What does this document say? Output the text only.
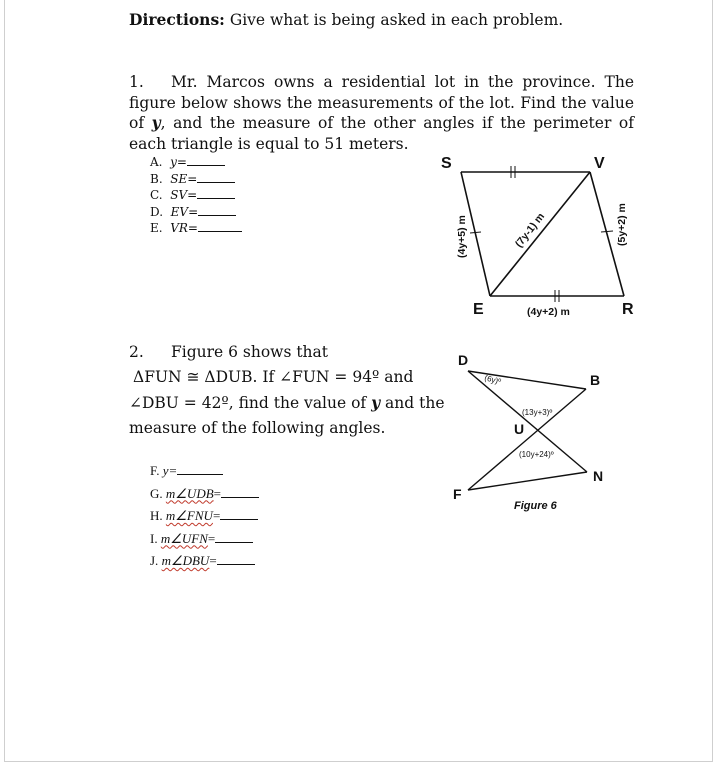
Directions: Give what is being asked in each problem.
1. Mr. Marcos owns a residential lot in the province. The figure below shows the measurements of the lot. Find the value of y, and the measure of the other angles if the perimeter of each triangle is equal to 51 meters.
A. y=
B. SE=
C. SV=
D. EV=
E. VR=
S	V
E	R
(4y+2) m
(4y+5) m	(7y-1) m	(5y+2) m
2. Figure 6 shows that
ΔFUN ≅ ΔDUB. If ∠FUN = 94º and
∠DBU = 42º, find the value of y and the
measure of the following angles.
F. y=
G. m∠UDB=
H. m∠FNU=
I. m∠UFN=
J. m∠DBU=
D
B
U
F
N
(6y)º
(13y+3)º
(10y+24)º
Figure 6
